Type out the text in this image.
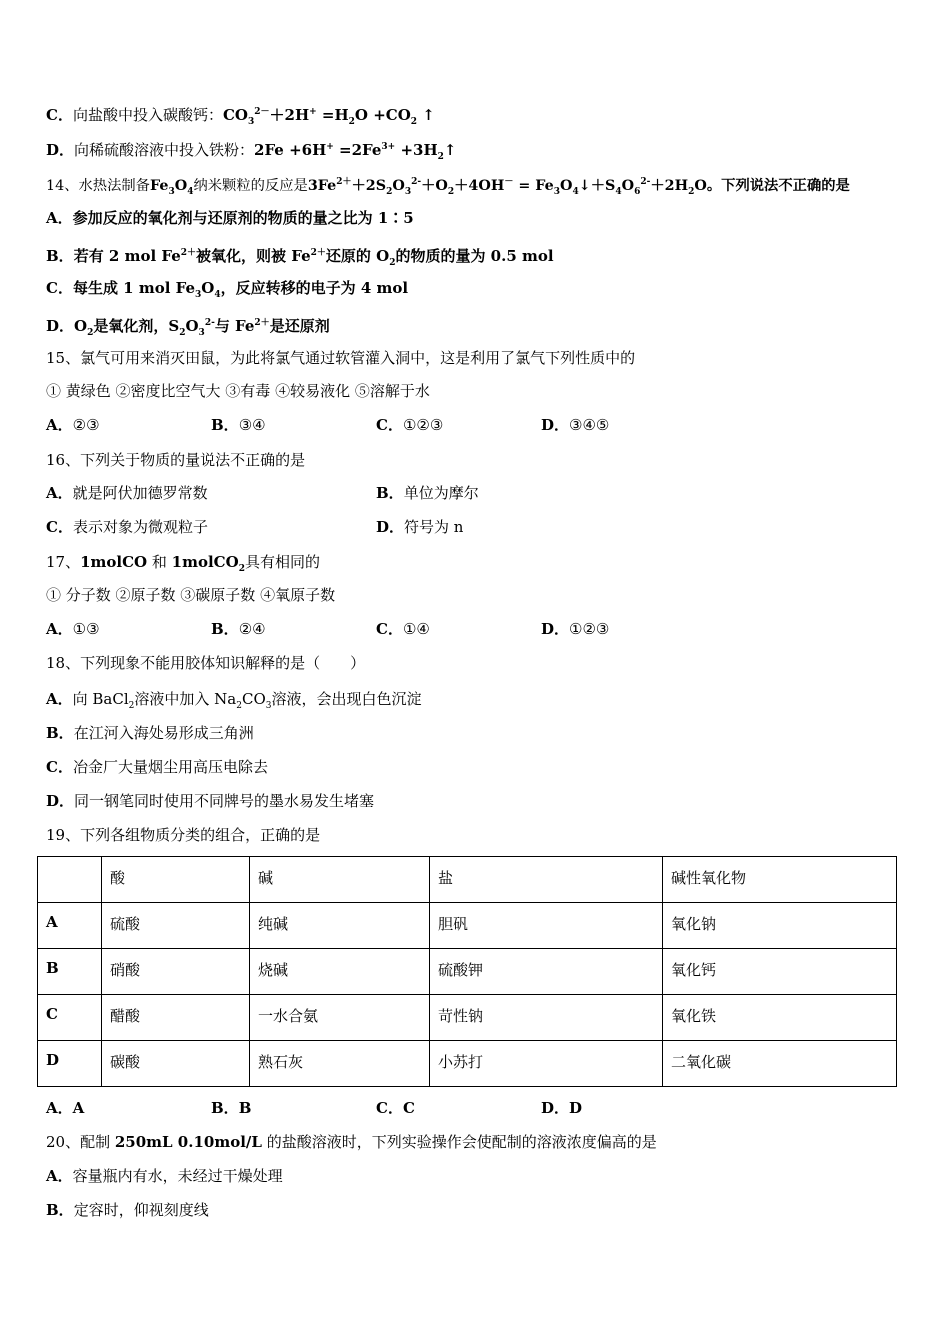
C．向盐酸中投入碳酸钙：$CO_3^{2-}+2H^+ =H_2O +CO_2$ ↑
D．向稀硫酸溶液中投入铁粉：$2Fe +6H^+ =2Fe^{3+}$ $+3H_2↑$
14、水热法制备$Fe_3O_4$纳米颗粒的反应是$3Fe^{2+}+2S_2O_3^{2-}+O_2+4OH^-$ = $Fe_3O_4↓+S_4O_6^{2-}+2H_2O$。下列说法不正确的是
A．参加反应的氧化剂与还原剂的物质的量之比为 1∶5
B．若有 2 mol $Fe^{2+}$被氧化，则被 $Fe^{2+}$还原的 $O_2$的物质的量为 0.5 mol
C．每生成 1 mol $Fe_3O_4$，反应转移的电子为 4 mol
D．$O_2$是氧化剂，$S_2O_3^{2-}$与 $Fe^{2+}$是还原剂
15、氯气可用来消灭田鼠，为此将氯气通过软管灌入洞中，这是利用了氯气下列性质中的
① 黄绿色 ②密度比空气大 ③有毒 ④较易液化 ⑤溶解于水
A．②③	B．③④	C．①②③	D．③④⑤
16、下列关于物质的量说法不正确的是
A．就是阿伏加德罗常数	B．单位为摩尔
C．表示对象为微观粒子	D．符号为 n
17、1molCO 和 1molCO$_2$具有相同的
① 分子数 ②原子数 ③碳原子数 ④氧原子数
A．①③	B．②④	C．①④	D．①②③
18、下列现象不能用胶体知识解释的是（　　）
A．向 BaCl$_2$溶液中加入 $Na_2CO_3$溶液，会出现白色沉淀
B．在江河入海处易形成三角洲
C．冶金厂大量烟尘用高压电除去
D．同一钢笔同时使用不同牌号的墨水易发生堵塞
19、下列各组物质分类的组合，正确的是
	酸	碱	盐	碱性氧化物
A	硫酸	纯碱	胆矾	氧化钠
B	硝酸	烧碱	硫酸钾	氧化钙
C	醋酸	一水合氨	苛性钠	氧化铁
D	碳酸	熟石灰	小苏打	二氧化碳
A．A	B．B	C．C	D．D
20、配制 250mL 0.10mol/L 的盐酸溶液时，下列实验操作会使配制的溶液浓度偏高的是
A．容量瓶内有水，未经过干燥处理
B．定容时，仰视刻度线
